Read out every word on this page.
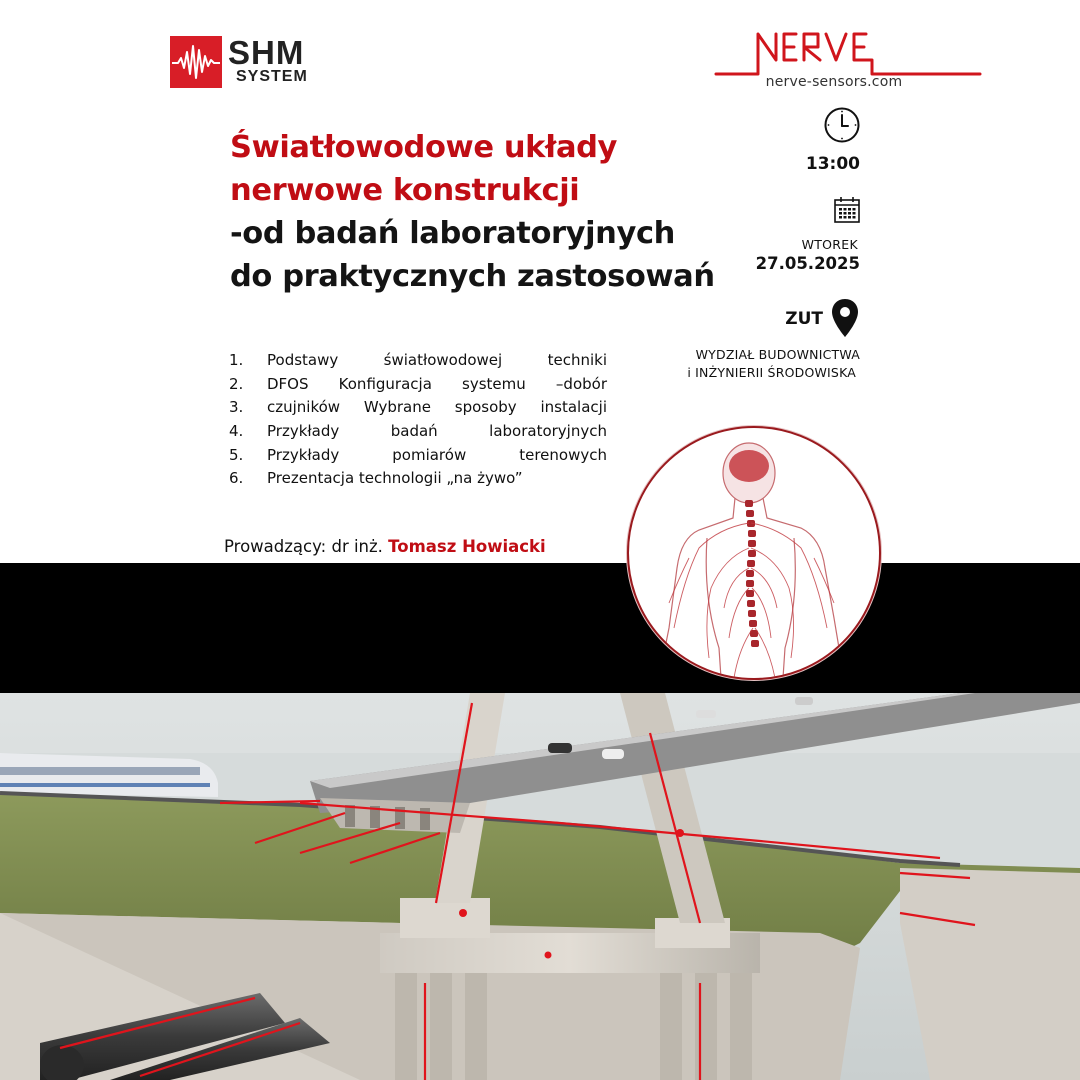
SHM
SYSTEM	nerve-sensors.com
Światłowodowe układy
nerwowe konstrukcji
-od badań laboratoryjnych
do praktycznych zastosowań
13:00
WTOREK
27.05.2025
ZUT
WYDZIAŁ BUDOWNICTWA
i INŻYNIERII ŚRODOWISKA
1.	Podstawy światłowodowej techniki
2.	DFOS Konfiguracja systemu –dobór
3.	czujników Wybrane sposoby instalacji
4.	Przykłady badań laboratoryjnych
5.	Przykłady pomiarów terenowych
6.	Prezentacja technologii „na żywo”
Prowadzący: dr inż. Tomasz Howiacki
